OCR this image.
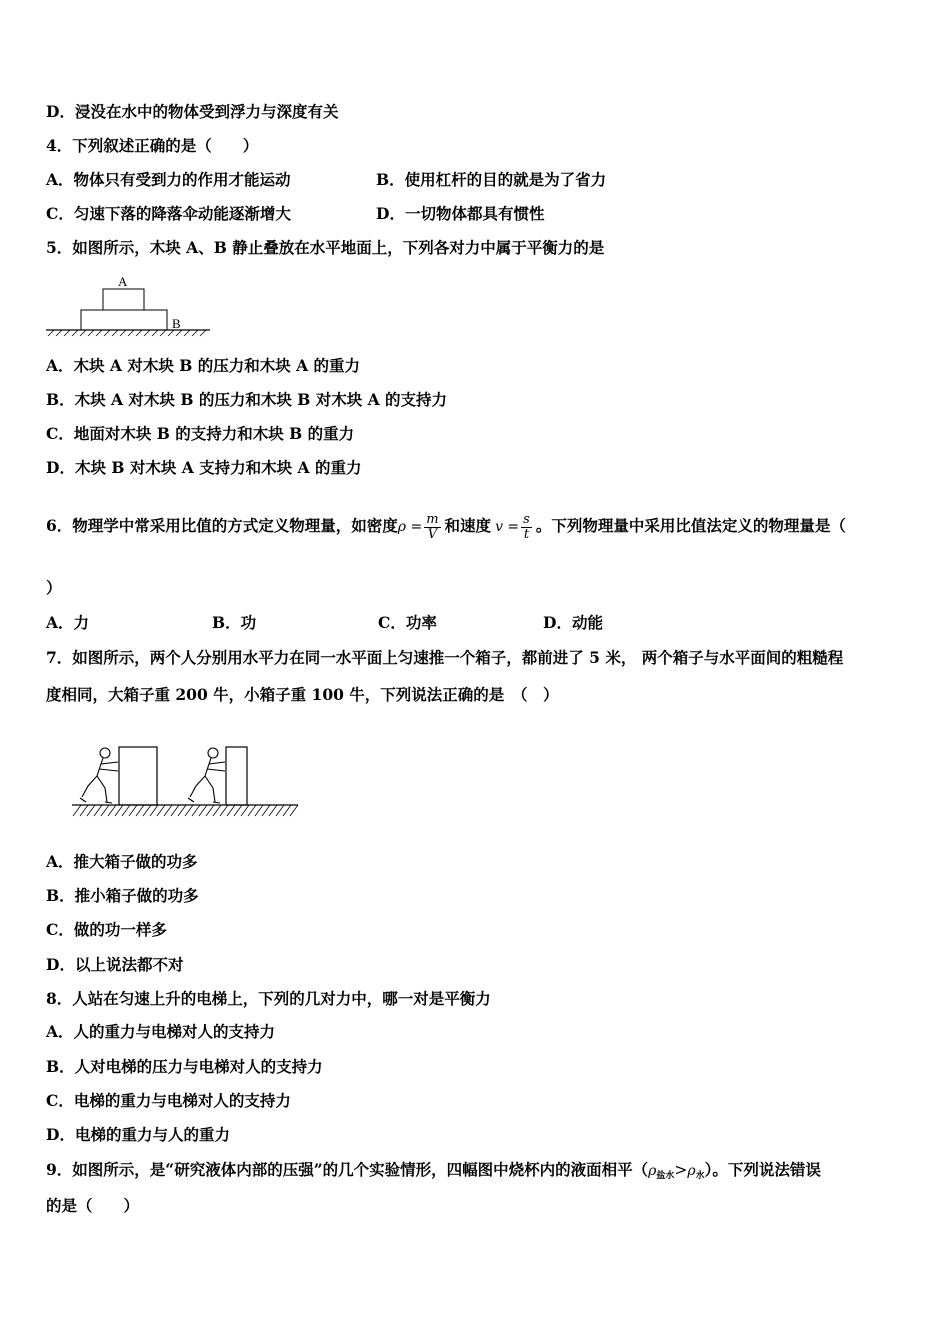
D．浸没在水中的物体受到浮力与深度有关
4．下列叙述正确的是（　　）
A．物体只有受到力的作用才能运动	B．使用杠杆的目的就是为了省力
C．匀速下落的降落伞动能逐渐增大	D．一切物体都具有惯性
5．如图所示，木块 A、B 静止叠放在水平地面上，下列各对力中属于平衡力的是
A
B
A．木块 A 对木块 B 的压力和木块 A 的重力
B．木块 A 对木块 B 的压力和木块 B 对木块 A 的支持力
C．地面对木块 B 的支持力和木块 B 的重力
D．木块 B 对木块 A 支持力和木块 A 的重力
6．物理学中常采用比值的方式定义物理量，如密度$\rho = \frac{m}{V}$ 和速度 $v = \frac{s}{t}$ 。下列物理量中采用比值法定义的物理量是（
）
A．力	B．功	C．功率	D．动能
7．如图所示，两个人分别用水平力在同一水平面上匀速推一个箱子，都前进了 5 米， 两个箱子与水平面间的粗糙程
度相同，大箱子重 200 牛，小箱子重 100 牛，下列说法正确的是　（　）
A．推大箱子做的功多
B．推小箱子做的功多
C．做的功一样多
D．以上说法都不对
8．人站在匀速上升的电梯上，下列的几对力中，哪一对是平衡力
A．人的重力与电梯对人的支持力
B．人对电梯的压力与电梯对人的支持力
C．电梯的重力与电梯对人的支持力
D．电梯的重力与人的重力
9．如图所示，是“研究液体内部的压强”的几个实验情形，四幅图中烧杯内的液面相平$(\rho_{盐水}>\rho_水)$。下列说法错误
的是（　　）
